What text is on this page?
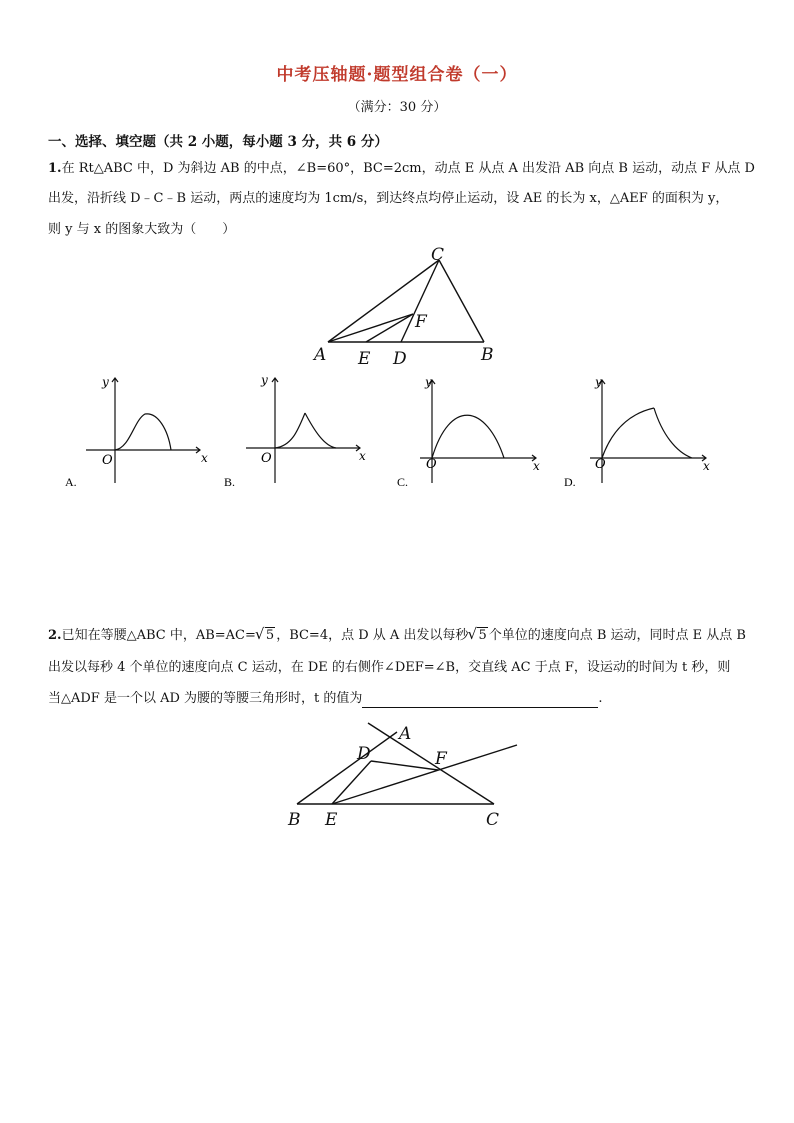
中考压轴题·题型组合卷（一）
（满分：30 分）
一、选择、填空题（共 2 小题，每小题 3 分，共 6 分）
1.在 Rt△ABC 中，D 为斜边 AB 的中点，∠B=60°，BC=2cm，动点 E 从点 A 出发沿 AB 向点 B 运动，动点 F 从点 D
出发，沿折线 D﹣C﹣B 运动，两点的速度均为 1cm/s，到达终点均停止运动，设 AE 的长为 x，△AEF 的面积为 y，
则 y 与 x 的图象大致为（　　）
C
F
A E D	B
y
x
O
A.
y
x
O
B.
y
x
O
C.
y
x
O
D.
2.已知在等腰△ABC 中，AB=AC= √ 5 ，BC=4，点 D 从 A 出发以每秒 √ 5 个单位的速度向点 B 运动，同时点 E 从点 B
出发以每秒 4 个单位的速度向点 C 运动，在 DE 的右侧作∠DEF=∠B，交直线 AC 于点 F，设运动的时间为 t 秒，则
当△ADF 是一个以 AD 为腰的等腰三角形时，t 的值为	.
A
D	F
B E	C
